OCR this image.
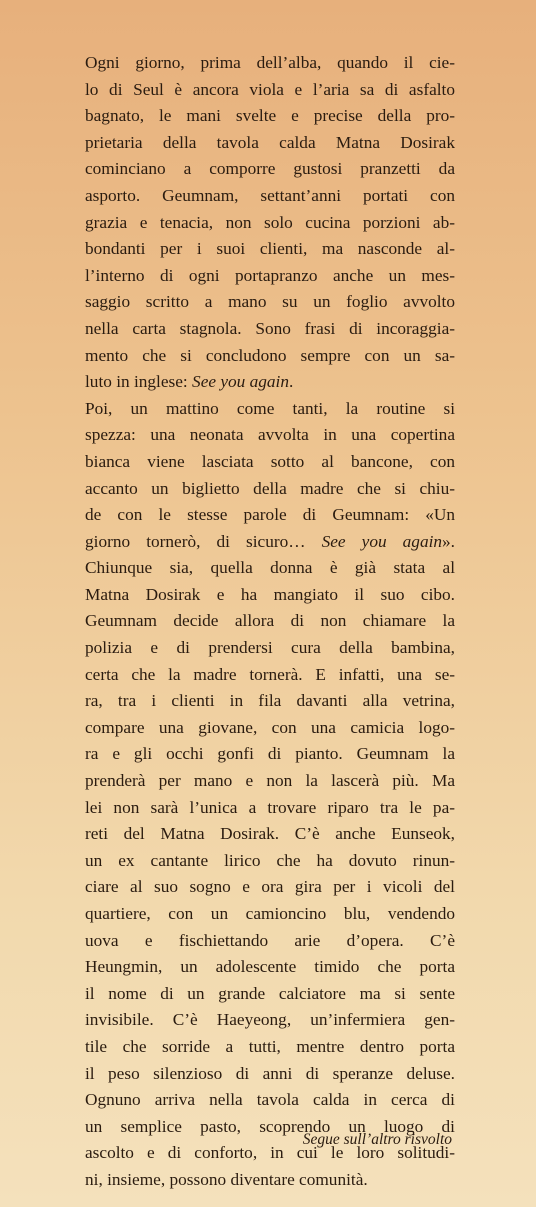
Ogni giorno, prima dell’alba, quando il cie-
lo di Seul è ancora viola e l’aria sa di asfalto
bagnato, le mani svelte e precise della pro-
prietaria della tavola calda Matna Dosirak
cominciano a comporre gustosi pranzetti da
asporto. Geumnam, settant’anni portati con
grazia e tenacia, non solo cucina porzioni ab-
bondanti per i suoi clienti, ma nasconde al-
l’interno di ogni portapranzo anche un mes-
saggio scritto a mano su un foglio avvolto
nella carta stagnola. Sono frasi di incoraggia-
mento che si concludono sempre con un sa-
luto in inglese: See you again.
Poi, un mattino come tanti, la routine si
spezza: una neonata avvolta in una copertina
bianca viene lasciata sotto al bancone, con
accanto un biglietto della madre che si chiu-
de con le stesse parole di Geumnam: «Un
giorno tornerò, di sicuro… See you again».
Chiunque sia, quella donna è già stata al
Matna Dosirak e ha mangiato il suo cibo.
Geumnam decide allora di non chiamare la
polizia e di prendersi cura della bambina,
certa che la madre tornerà. E infatti, una se-
ra, tra i clienti in fila davanti alla vetrina,
compare una giovane, con una camicia logo-
ra e gli occhi gonfi di pianto. Geumnam la
prenderà per mano e non la lascerà più. Ma
lei non sarà l’unica a trovare riparo tra le pa-
reti del Matna Dosirak. C’è anche Eunseok,
un ex cantante lirico che ha dovuto rinun-
ciare al suo sogno e ora gira per i vicoli del
quartiere, con un camioncino blu, vendendo
uova e fischiettando arie d’opera. C’è
Heungmin, un adolescente timido che porta
il nome di un grande calciatore ma si sente
invisibile. C’è Haeyeong, un’infermiera gen-
tile che sorride a tutti, mentre dentro porta
il peso silenzioso di anni di speranze deluse.
Ognuno arriva nella tavola calda in cerca di
un semplice pasto, scoprendo un luogo di
ascolto e di conforto, in cui le loro solitudi-
ni, insieme, possono diventare comunità.
Segue sull’altro risvolto
